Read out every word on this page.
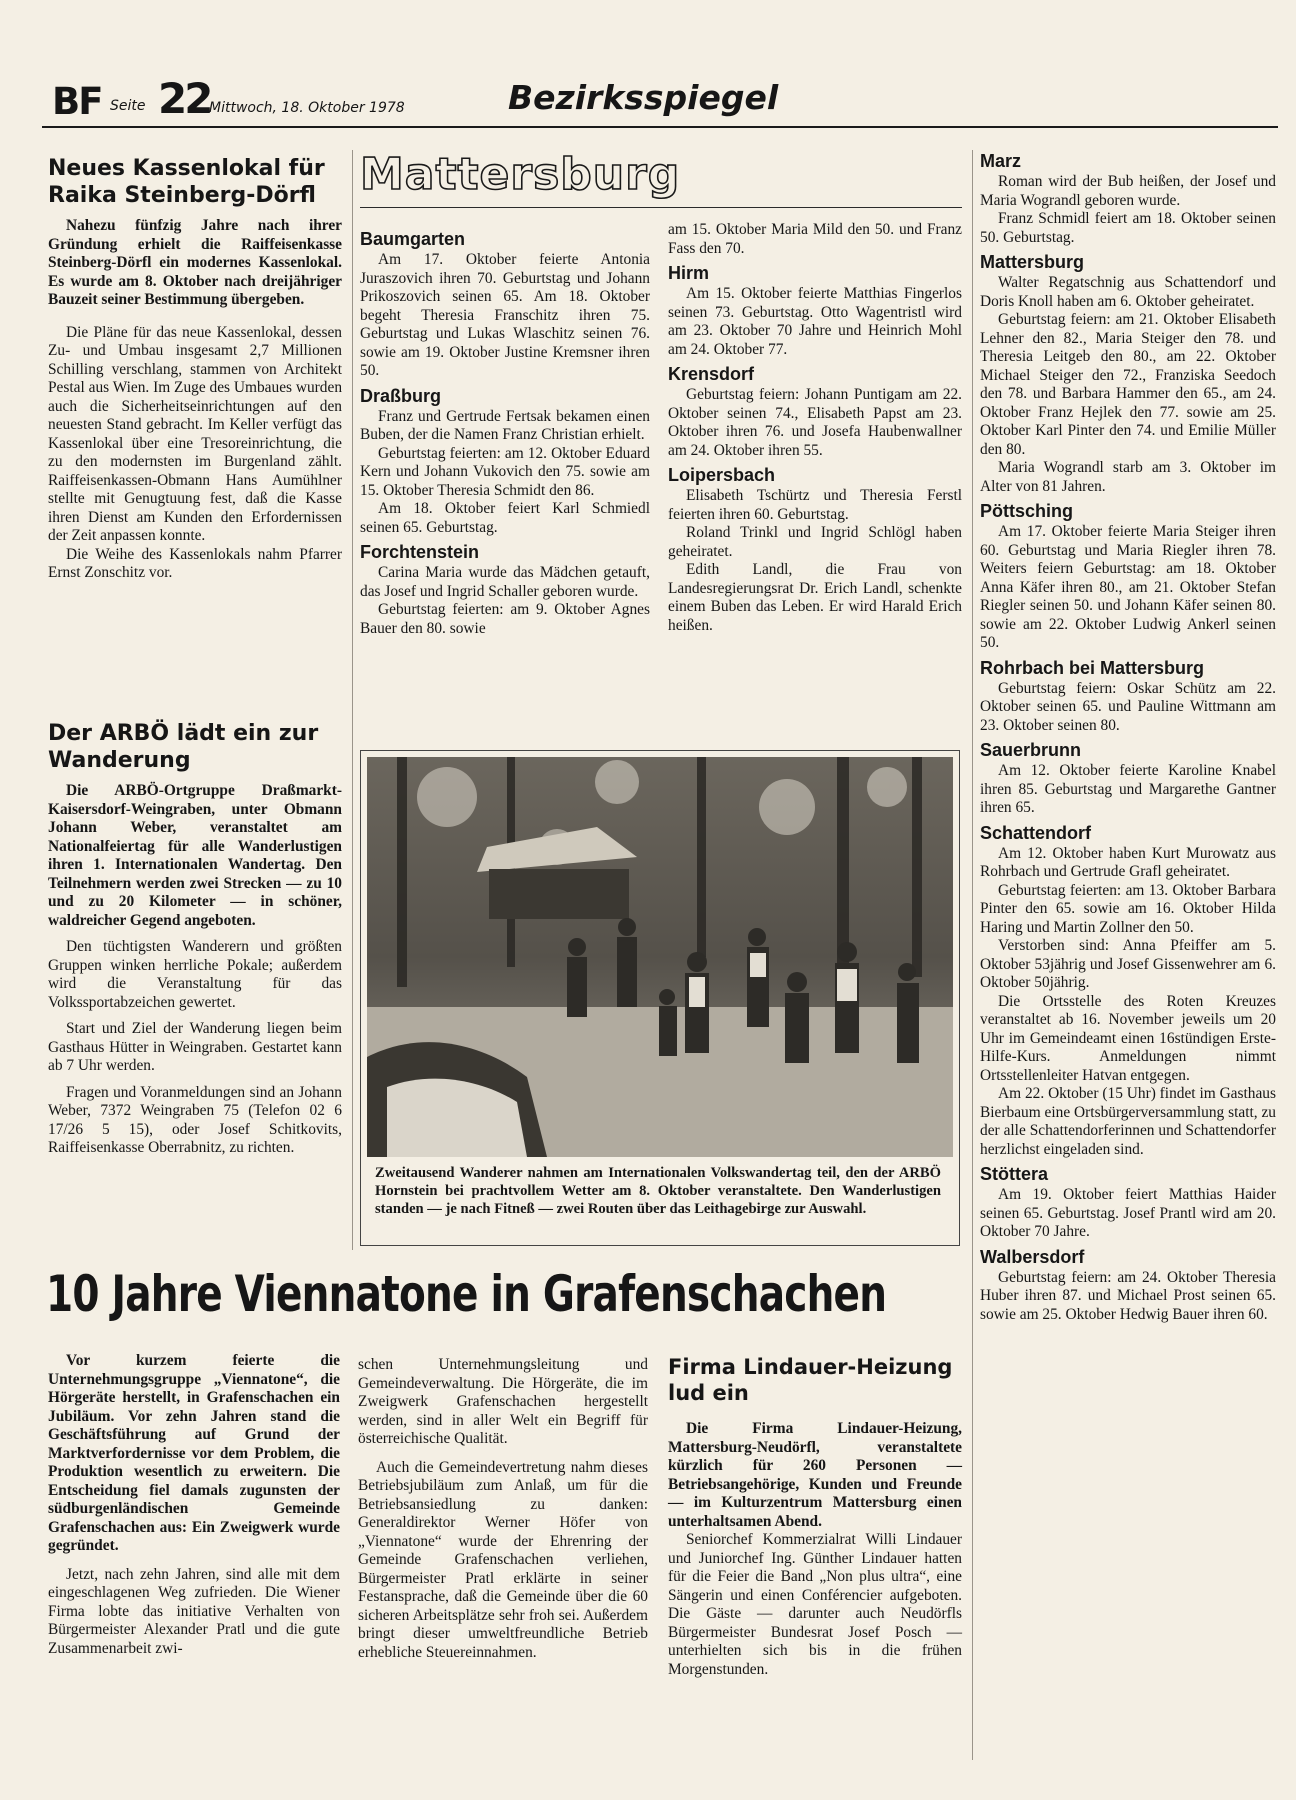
BF Seite 22
Mittwoch, 18. Oktober 1978	Bezirksspiegel
Neues Kassenlokal für Raika Steinberg-Dörfl

Nahezu fünfzig Jahre nach ihrer Gründung erhielt die Raiffeisenkasse Steinberg-Dörfl ein modernes Kassenlokal. Es wurde am 8. Oktober nach dreijähriger Bauzeit seiner Bestimmung übergeben.

Die Pläne für das neue Kassenlokal, dessen Zu- und Umbau insgesamt 2,7 Millionen Schilling verschlang, stammen von Architekt Pestal aus Wien. Im Zuge des Umbaues wurden auch die Sicherheitseinrichtungen auf den neuesten Stand gebracht. Im Keller verfügt das Kassenlokal über eine Tresoreinrichtung, die zu den modernsten im Burgenland zählt. Raiffeisenkassen-Obmann Hans Aumühlner stellte mit Genugtuung fest, daß die Kasse ihren Dienst am Kunden den Erfordernissen der Zeit anpassen konnte.

Die Weihe des Kassenlokals nahm Pfarrer Ernst Zonschitz vor.

Der ARBÖ lädt ein zur Wanderung

Die ARBÖ-Ortgruppe Draßmarkt-Kaisersdorf-Weingraben, unter Obmann Johann Weber, veranstaltet am Nationalfeiertag für alle Wanderlustigen ihren 1. Internationalen Wandertag. Den Teilnehmern werden zwei Strecken — zu 10 und zu 20 Kilometer — in schöner, waldreicher Gegend angeboten.

Den tüchtigsten Wanderern und größten Gruppen winken herrliche Pokale; außerdem wird die Veranstaltung für das Volkssportabzeichen gewertet.

Start und Ziel der Wanderung liegen beim Gasthaus Hütter in Weingraben. Gestartet kann ab 7 Uhr werden.

Fragen und Voranmeldungen sind an Johann Weber, 7372 Weingraben 75 (Telefon 02 6 17/26 5 15), oder Josef Schitkovits, Raiffeisenkasse Oberrabnitz, zu richten.

Mattersburg
Baumgarten

Am 17. Oktober feierte Antonia Juraszovich ihren 70. Geburtstag und Johann Prikoszovich seinen 65. Am 18. Oktober begeht Theresia Franschitz ihren 75. Geburtstag und Lukas Wlaschitz seinen 76. sowie am 19. Oktober Justine Kremsner ihren 50.

Draßburg

Franz und Gertrude Fertsak bekamen einen Buben, der die Namen Franz Christian erhielt.

Geburtstag feierten: am 12. Oktober Eduard Kern und Johann Vukovich den 75. sowie am 15. Oktober Theresia Schmidt den 86.

Am 18. Oktober feiert Karl Schmiedl seinen 65. Geburtstag.

Forchtenstein

Carina Maria wurde das Mädchen getauft, das Josef und Ingrid Schaller geboren wurde.

Geburtstag feierten: am 9. Oktober Agnes Bauer den 80. sowie

am 15. Oktober Maria Mild den 50. und Franz Fass den 70.

Hirm

Am 15. Oktober feierte Matthias Fingerlos seinen 73. Geburtstag. Otto Wagentristl wird am 23. Oktober 70 Jahre und Heinrich Mohl am 24. Oktober 77.

Krensdorf

Geburtstag feiern: Johann Puntigam am 22. Oktober seinen 74., Elisabeth Papst am 23. Oktober ihren 76. und Josefa Haubenwallner am 24. Oktober ihren 55.

Loipersbach

Elisabeth Tschürtz und Theresia Ferstl feierten ihren 60. Geburtstag.

Roland Trinkl und Ingrid Schlögl haben geheiratet.

Edith Landl, die Frau von Landesregierungsrat Dr. Erich Landl, schenkte einem Buben das Leben. Er wird Harald Erich heißen.

Zweitausend Wanderer nahmen am Internationalen Volkswandertag teil, den der ARBÖ Hornstein bei prachtvollem Wetter am 8. Oktober veranstaltete. Den Wanderlustigen standen — je nach Fitneß — zwei Routen über das Leithagebirge zur Auswahl.

Marz

Roman wird der Bub heißen, der Josef und Maria Wograndl geboren wurde.

Franz Schmidl feiert am 18. Oktober seinen 50. Geburtstag.

Mattersburg

Walter Regatschnig aus Schattendorf und Doris Knoll haben am 6. Oktober geheiratet.

Geburtstag feiern: am 21. Oktober Elisabeth Lehner den 82., Maria Steiger den 78. und Theresia Leitgeb den 80., am 22. Oktober Michael Steiger den 72., Franziska Seedoch den 78. und Barbara Hammer den 65., am 24. Oktober Franz Hejlek den 77. sowie am 25. Oktober Karl Pinter den 74. und Emilie Müller den 80.

Maria Wograndl starb am 3. Oktober im Alter von 81 Jahren.

Pöttsching

Am 17. Oktober feierte Maria Steiger ihren 60. Geburtstag und Maria Riegler ihren 78. Weiters feiern Geburtstag: am 18. Oktober Anna Käfer ihren 80., am 21. Oktober Stefan Riegler seinen 50. und Johann Käfer seinen 80. sowie am 22. Oktober Ludwig Ankerl seinen 50.

Rohrbach bei Mattersburg

Geburtstag feiern: Oskar Schütz am 22. Oktober seinen 65. und Pauline Wittmann am 23. Oktober seinen 80.

Sauerbrunn

Am 12. Oktober feierte Karoline Knabel ihren 85. Geburtstag und Margarethe Gantner ihren 65.

Schattendorf

Am 12. Oktober haben Kurt Murowatz aus Rohrbach und Gertrude Grafl geheiratet.

Geburtstag feierten: am 13. Oktober Barbara Pinter den 65. sowie am 16. Oktober Hilda Haring und Martin Zollner den 50.

Verstorben sind: Anna Pfeiffer am 5. Oktober 53jährig und Josef Gissenwehrer am 6. Oktober 50jährig.

Die Ortsstelle des Roten Kreuzes veranstaltet ab 16. November jeweils um 20 Uhr im Gemeindeamt einen 16stündigen Erste-Hilfe-Kurs. Anmeldungen nimmt Ortsstellenleiter Hatvan entgegen.

Am 22. Oktober (15 Uhr) findet im Gasthaus Bierbaum eine Ortsbürgerversammlung statt, zu der alle Schattendorferinnen und Schattendorfer herzlichst eingeladen sind.

Stöttera

Am 19. Oktober feiert Matthias Haider seinen 65. Geburtstag. Josef Prantl wird am 20. Oktober 70 Jahre.

Walbersdorf

Geburtstag feiern: am 24. Oktober Theresia Huber ihren 87. und Michael Prost seinen 65. sowie am 25. Oktober Hedwig Bauer ihren 60.

10 Jahre Viennatone in Grafenschachen

Vor kurzem feierte die Unternehmungsgruppe „Viennatone“, die Hörgeräte herstellt, in Grafenschachen ein Jubiläum. Vor zehn Jahren stand die Geschäftsführung auf Grund der Marktverfordernisse vor dem Problem, die Produktion wesentlich zu erweitern. Die Entscheidung fiel damals zugunsten der südburgenländischen Gemeinde Grafenschachen aus: Ein Zweigwerk wurde gegründet.

Jetzt, nach zehn Jahren, sind alle mit dem eingeschlagenen Weg zufrieden. Die Wiener Firma lobte das initiative Verhalten von Bürgermeister Alexander Pratl und die gute Zusammenarbeit zwi-

schen Unternehmungsleitung und Gemeindeverwaltung. Die Hörgeräte, die im Zweigwerk Grafenschachen hergestellt werden, sind in aller Welt ein Begriff für österreichische Qualität.

Auch die Gemeindevertretung nahm dieses Betriebsjubiläum zum Anlaß, um für die Betriebsansiedlung zu danken: Generaldirektor Werner Höfer von „Viennatone“ wurde der Ehrenring der Gemeinde Grafenschachen verliehen, Bürgermeister Pratl erklärte in seiner Festansprache, daß die Gemeinde über die 60 sicheren Arbeitsplätze sehr froh sei. Außerdem bringt dieser umweltfreundliche Betrieb erhebliche Steuereinnahmen.

Firma Lindauer-Heizung lud ein

Die Firma Lindauer-Heizung, Mattersburg-Neudörfl, veranstaltete kürzlich für 260 Personen — Betriebsangehörige, Kunden und Freunde — im Kulturzentrum Mattersburg einen unterhaltsamen Abend.

Seniorchef Kommerzialrat Willi Lindauer und Juniorchef Ing. Günther Lindauer hatten für die Feier die Band „Non plus ultra“, eine Sängerin und einen Conférencier aufgeboten. Die Gäste — darunter auch Neudörfls Bürgermeister Bundesrat Josef Posch — unterhielten sich bis in die frühen Morgenstunden.
